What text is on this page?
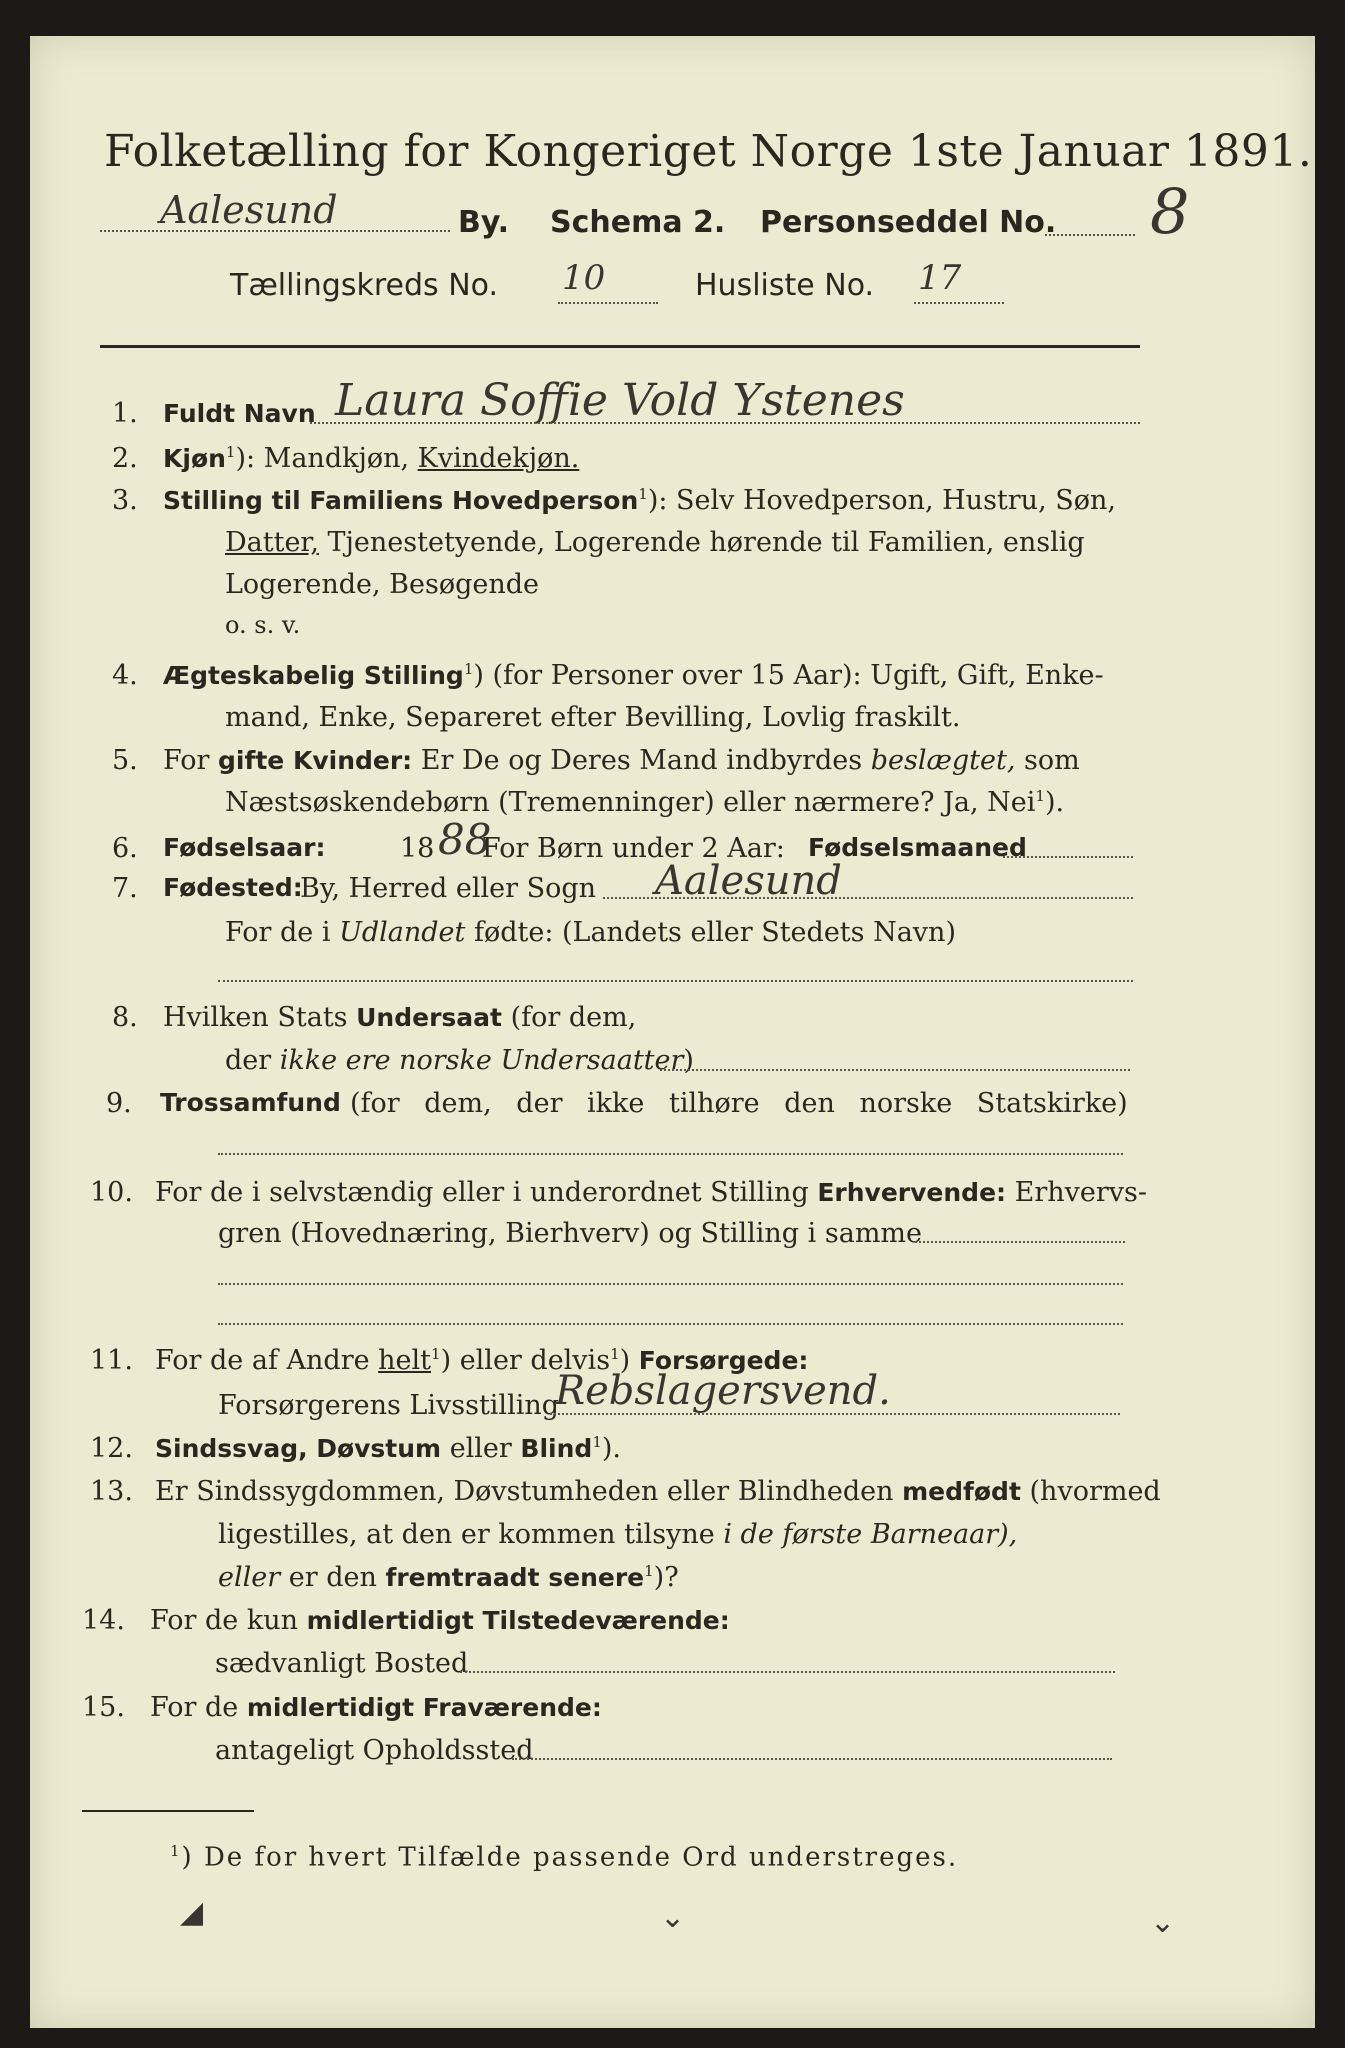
Folketælling for Kongeriget Norge 1ste Januar 1891.
Aalesund	By. Schema 2. Personseddel No. 8
Tællingskreds No. 10	Husliste No. 17
1. Fuldt Navn Laura Soffie Vold Ystenes
2. Kjøn$^1$): Mandkjøn, Kvindekjøn.
3. Stilling til Familiens Hovedperson$^1$): Selv Hovedperson, Hustru, Søn,
Datter, Tjenestetyende, Logerende hørende til Familien, enslig
Logerende, Besøgende
o. s. v.
4. Ægteskabelig Stilling$^1$) (for Personer over 15 Aar): Ugift, Gift, Enke-
mand, Enke, Separeret efter Bevilling, Lovlig fraskilt.
5. For gifte Kvinder: Er De og Deres Mand indbyrdes beslægtet, som
Næstsøskendebørn (Tremenninger) eller nærmere? Ja, Nei$^1$).
6. Fødselsaar:	18 88
For Børn under 2 Aar: Fødselsmaaned
7. Fødested:
By, Herred eller Sogn Aalesund
For de i Udlandet fødte: (Landets eller Stedets Navn)
8. Hvilken Stats Undersaat (for dem,
der ikke ere norske Undersaatter)
9. Trossamfund (for dem, der ikke tilhøre den norske Statskirke)
10. For de i selvstændig eller i underordnet Stilling Erhvervende: Erhvervs-
gren (Hovednæring, Bierhverv) og Stilling i samme
11. For de af Andre helt$^1$) eller delvis$^1$) Forsørgede:
Forsørgerens Livsstilling
Rebslagersvend.
12. Sindssvag, Døvstum eller Blind$^1$).
13. Er Sindssygdommen, Døvstumheden eller Blindheden medfødt (hvormed
ligestilles, at den er kommen tilsyne i de første Barneaar),
eller er den fremtraadt senere$^1$)?
14. For de kun midlertidigt Tilstedeværende:
sædvanligt Bosted
15. For de midlertidigt Fraværende:
antageligt Opholdssted
$^1$) De for hvert Tilfælde passende Ord understreges.
◢	⌄	⌄
